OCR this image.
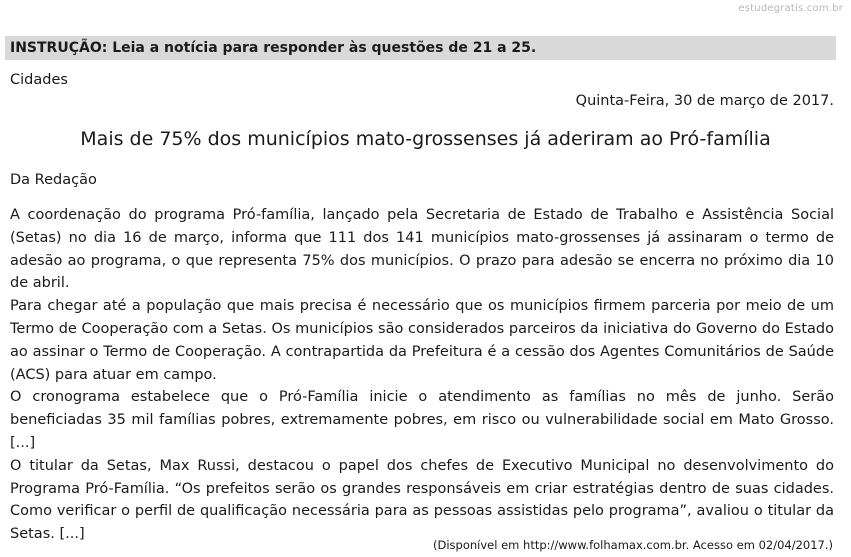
estudegratis.com.br
INSTRUÇÃO: Leia a notícia para responder às questões de 21 a 25.
Cidades
Quinta-Feira, 30 de março de 2017.
Mais de 75% dos municípios mato-grossenses já aderiram ao Pró-família
Da Redação

A coordenação do programa Pró-família, lançado pela Secretaria de Estado de Trabalho e Assistência Social (Setas) no dia 16 de março, informa que 111 dos 141 municípios mato-grossenses já assinaram o termo de adesão ao programa, o que representa 75% dos municípios. O prazo para adesão se encerra no próximo dia 10 de abril.

Para chegar até a população que mais precisa é necessário que os municípios firmem parceria por meio de um Termo de Cooperação com a Setas. Os municípios são considerados parceiros da iniciativa do Governo do Estado ao assinar o Termo de Cooperação. A contrapartida da Prefeitura é a cessão dos Agentes Comunitários de Saúde (ACS) para atuar em campo.

O cronograma estabelece que o Pró-Família inicie o atendimento as famílias no mês de junho. Serão beneficiadas 35 mil famílias pobres, extremamente pobres, em risco ou vulnerabilidade social em Mato Grosso. [...]

O titular da Setas, Max Russi, destacou o papel dos chefes de Executivo Municipal no desenvolvimento do Programa Pró-Família. “Os prefeitos serão os grandes responsáveis em criar estratégias dentro de suas cidades. Como verificar o perfil de qualificação necessária para as pessoas assistidas pelo programa”, avaliou o titular da Setas. [...]

(Disponível em http://www.folhamax.com.br. Acesso em 02/04/2017.)
